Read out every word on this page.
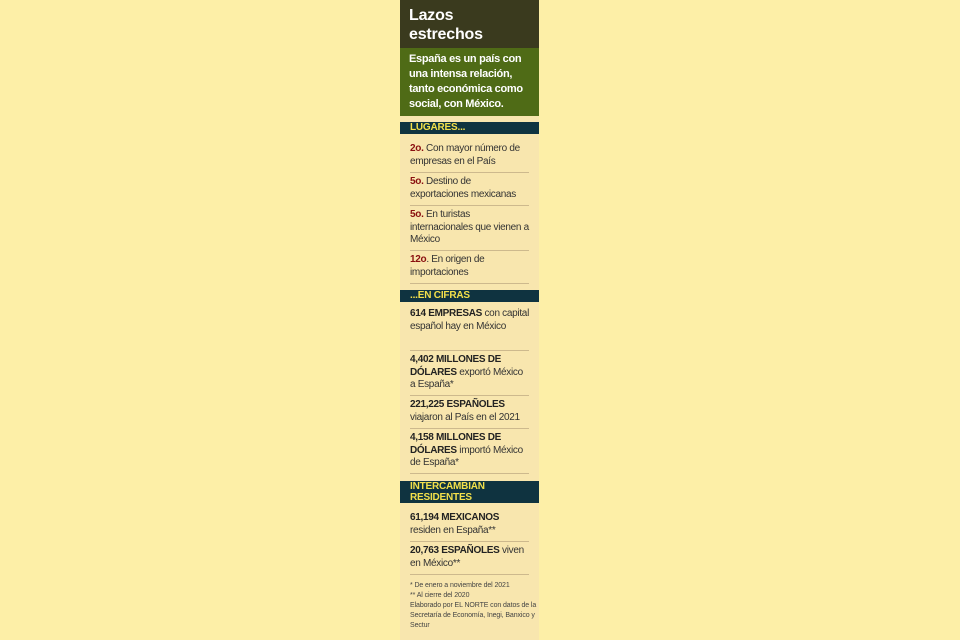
Lazos
estrechos
España es un país con una intensa relación, tanto económica como social, con México.
LUGARES...
2o. Con mayor número de empresas en el País
5o. Destino de exportaciones mexicanas
5o. En turistas internacionales que vienen a México
12o. En origen de importaciones
...EN CIFRAS
614 EMPRESAS con capital español hay en México
4,402 MILLONES DE DÓLARES exportó México a España*
221,225 ESPAÑOLES viajaron al País en el 2021
4,158 MILLONES DE DÓLARES importó México de España*
INTERCAMBIAN RESIDENTES
61,194 MEXICANOS residen en España**
20,763 ESPAÑOLES viven en México**
* De enero a noviembre del 2021
** Al cierre del 2020
Elaborado por EL NORTE con datos de la Secretaría de Economía, Inegi, Banxico y Sectur
